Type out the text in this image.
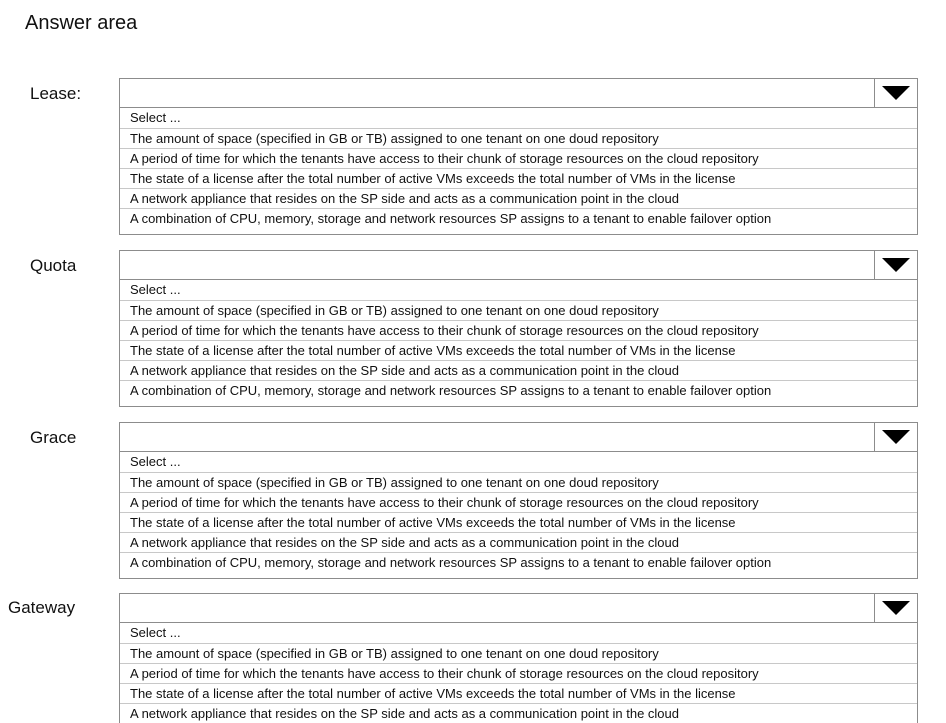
Answer area
Lease:
Select ...
The amount of space (specified in GB or TB) assigned to one tenant on one doud repository
A period of time for which the tenants have access to their chunk of storage resources on the cloud repository
The state of a license after the total number of active VMs exceeds the total number of VMs in the license
A network appliance that resides on the SP side and acts as a communication point in the cloud
A combination of CPU, memory, storage and network resources SP assigns to a tenant to enable failover option
Quota
Select ...
The amount of space (specified in GB or TB) assigned to one tenant on one doud repository
A period of time for which the tenants have access to their chunk of storage resources on the cloud repository
The state of a license after the total number of active VMs exceeds the total number of VMs in the license
A network appliance that resides on the SP side and acts as a communication point in the cloud
A combination of CPU, memory, storage and network resources SP assigns to a tenant to enable failover option
Grace
Select ...
The amount of space (specified in GB or TB) assigned to one tenant on one doud repository
A period of time for which the tenants have access to their chunk of storage resources on the cloud repository
The state of a license after the total number of active VMs exceeds the total number of VMs in the license
A network appliance that resides on the SP side and acts as a communication point in the cloud
A combination of CPU, memory, storage and network resources SP assigns to a tenant to enable failover option
Gateway
Select ...
The amount of space (specified in GB or TB) assigned to one tenant on one doud repository
A period of time for which the tenants have access to their chunk of storage resources on the cloud repository
The state of a license after the total number of active VMs exceeds the total number of VMs in the license
A network appliance that resides on the SP side and acts as a communication point in the cloud
